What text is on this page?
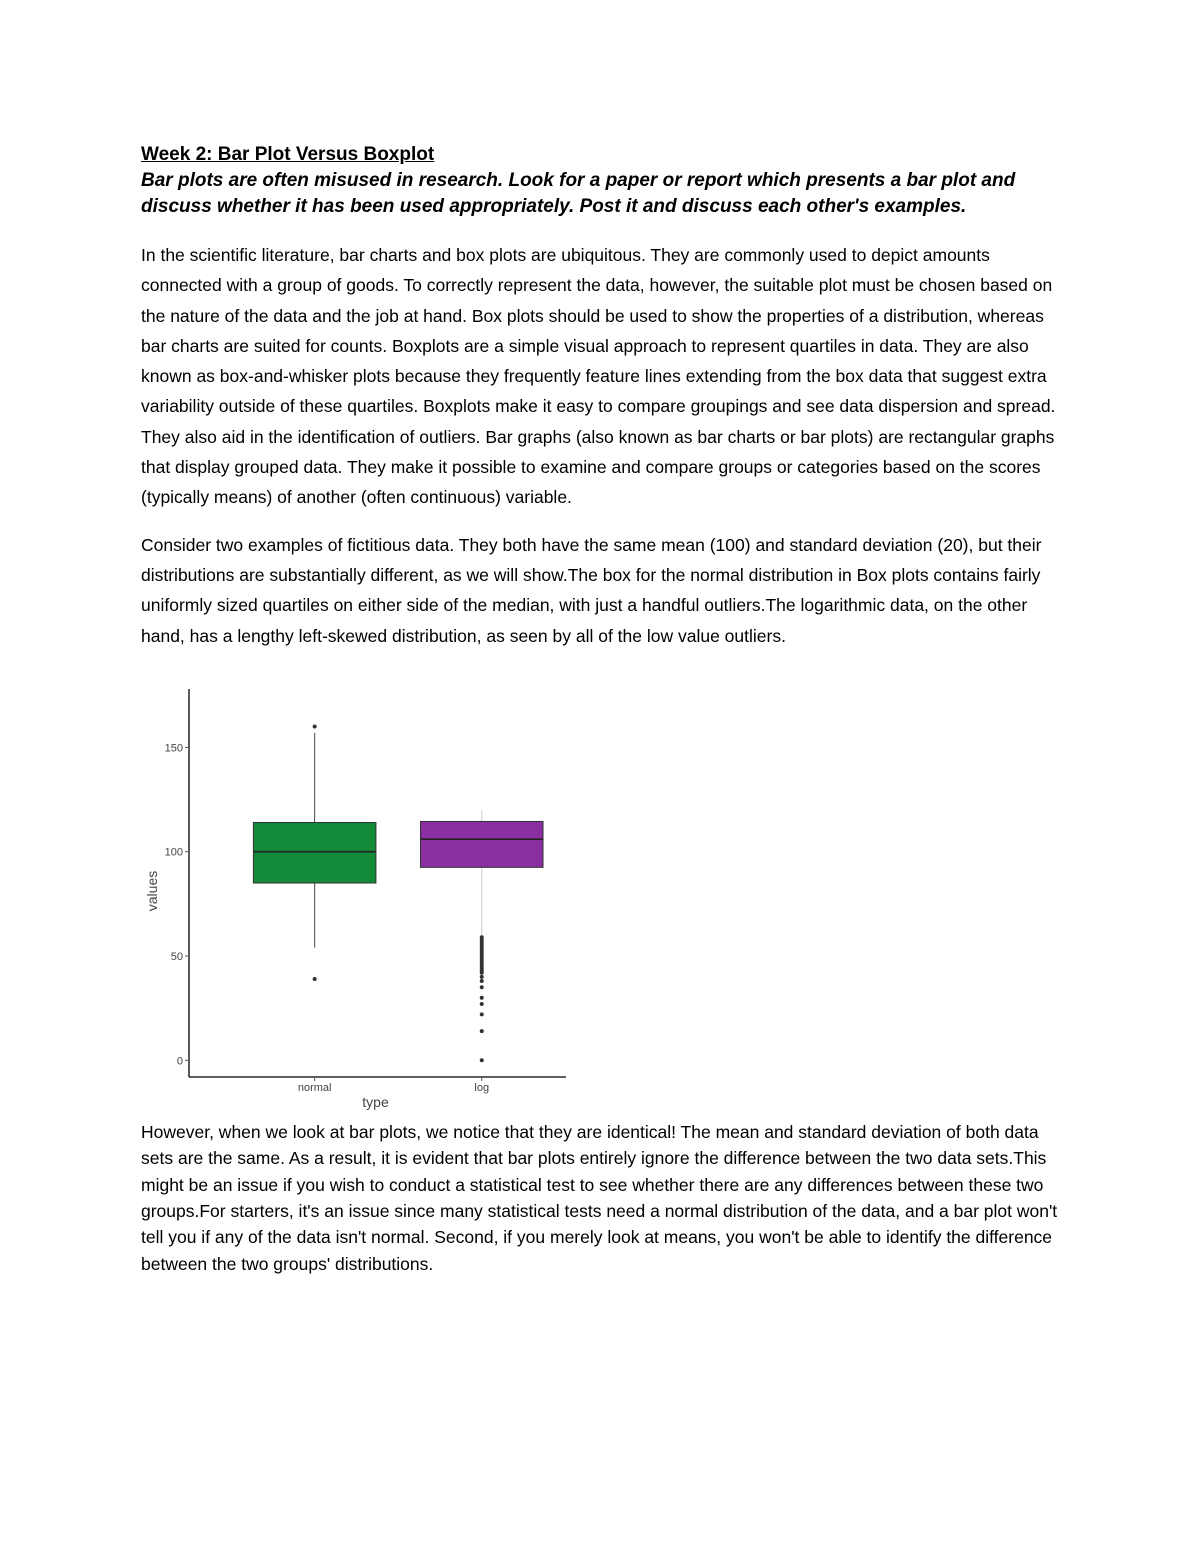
Week 2: Bar Plot Versus Boxplot

Bar plots are often misused in research. Look for a paper or report which presents a bar plot and discuss whether it has been used appropriately. Post it and discuss each other's examples.

In the scientific literature, bar charts and box plots are ubiquitous. They are commonly used to depict amounts connected with a group of goods. To correctly represent the data, however, the suitable plot must be chosen based on the nature of the data and the job at hand. Box plots should be used to show the properties of a distribution, whereas bar charts are suited for counts. Boxplots are a simple visual approach to represent quartiles in data. They are also known as box-and-whisker plots because they frequently feature lines extending from the box data that suggest extra variability outside of these quartiles. Boxplots make it easy to compare groupings and see data dispersion and spread. They also aid in the identification of outliers. Bar graphs (also known as bar charts or bar plots) are rectangular graphs that display grouped data. They make it possible to examine and compare groups or categories based on the scores (typically means) of another (often continuous) variable.

Consider two examples of fictitious data. They both have the same mean (100) and standard deviation (20), but their distributions are substantially different, as we will show.The box for the normal distribution in Box plots contains fairly uniformly sized quartiles on either side of the median, with just a handful outliers.The logarithmic data, on the other hand, has a lengthy left-skewed distribution, as seen by all of the low value outliers.

0
50
100
150
values
type
normal	log

However, when we look at bar plots, we notice that they are identical! The mean and standard deviation of both data sets are the same. As a result, it is evident that bar plots entirely ignore the difference between the two data sets.This might be an issue if you wish to conduct a statistical test to see whether there are any differences between these two groups.For starters, it's an issue since many statistical tests need a normal distribution of the data, and a bar plot won't tell you if any of the data isn't normal. Second, if you merely look at means, you won't be able to identify the difference between the two groups' distributions.
